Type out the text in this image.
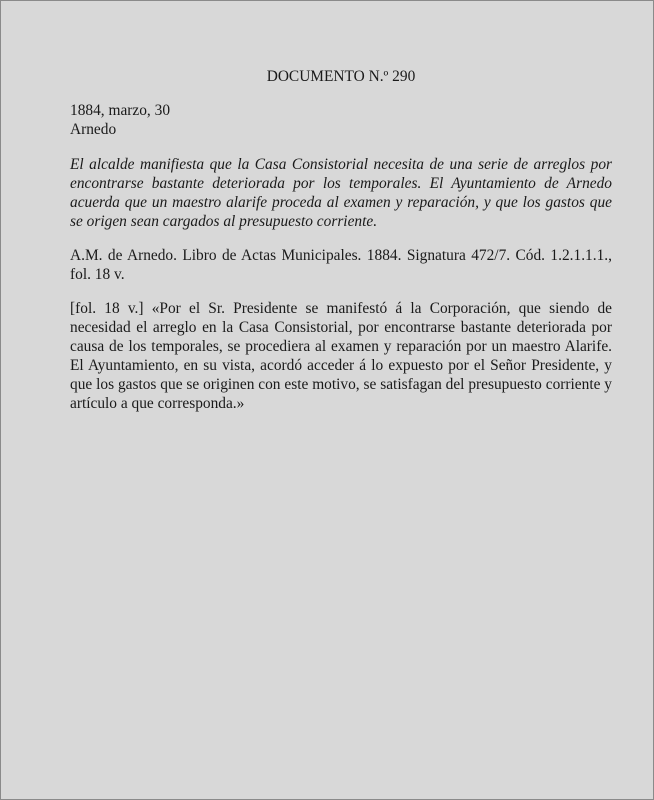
DOCUMENTO N.º 290
1884, marzo, 30
Arnedo
El alcalde manifiesta que la Casa Consistorial necesita de una serie de arreglos por encontrarse bastante deteriorada por los temporales. El Ayuntamiento de Arnedo acuerda que un maestro alarife proceda al examen y reparación, y que los gastos que se origen sean cargados al presupuesto corriente.
A.M. de Arnedo. Libro de Actas Municipales. 1884. Signatura 472/7. Cód. 1.2.1.1.1., fol. 18 v.
[fol. 18 v.] «Por el Sr. Presidente se manifestó á la Corporación, que siendo de necesidad el arreglo en la Casa Consistorial, por encontrarse bastante deteriorada por causa de los temporales, se procediera al examen y reparación por un maestro Alarife. El Ayuntamiento, en su vista, acordó acceder á lo expuesto por el Señor Presidente, y que los gastos que se originen con este motivo, se satisfagan del presupuesto corriente y artículo a que corresponda.»
